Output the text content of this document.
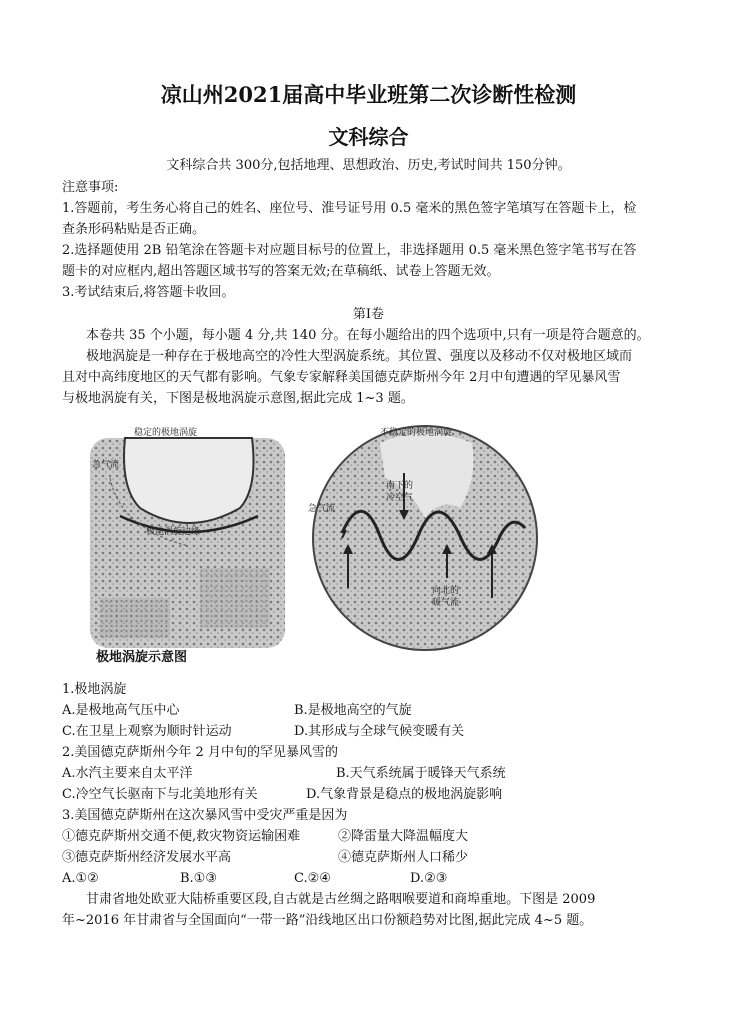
凉山州2021届高中毕业班第二次诊断性检测
文科综合
文科综合共 300分,包括地理、思想政治、历史,考试时间共 150分钟。
注意事项:
1.答题前，考生务心将自己的姓名、座位号、淮号证号用 0.5 毫米的黑色签字笔填写在答题卡上，检
查条形码粘贴是否正确。
2.选择题使用 2B 铅笔涂在答题卡对应题目标号的位置上，非选择题用 0.5 毫米黑色签字笔书写在答
题卡的对应框内,超出答题区域书写的答案无效;在草稿纸、试卷上答题无效。
3.考试结束后,将答题卡收回。
第Ⅰ卷
本卷共 35 个小题，每小题 4 分,共 140 分。在每小题给出的四个选项中,只有一项是符合题意的。
极地涡旋是一种存在于极地高空的冷性大型涡旋系统。其位置、强度以及移动不仅对极地区域而
且对中高纬度地区的天气都有影响。气象专家解释美国德克萨斯州今年 2月中旬遭遇的罕见暴风雪
与极地涡旋有关，下图是极地涡旋示意图,据此完成 1~3 题。
稳定的极地涡旋
急气流
极地涡旋边缘
不稳定的极地涡旋
南下的
冷空气
急气流
向北的
暖气流
极地涡旋示意图
1.极地涡旋
A.是极地高气压中心	B.是极地高空的气旋
C.在卫星上观察为顺时针运动	D.其形成与全球气候变暖有关
2.美国德克萨斯州今年 2 月中旬的罕见暴风雪的
A.水汽主要来自太平洋	B.天气系统属于暖锋天气系统
C.冷空气长驱南下与北美地形有关	D.气象背景是稳点的极地涡旋影响
3.美国德克萨斯州在这次暴风雪中受灾严重是因为
①德克萨斯州交通不便,救灾物资运输困难	②降雷量大降温幅度大
③德克萨斯州经济发展水平高	④德克萨斯州人口稀少
A.①②	B.①③	C.②④	D.②③
甘肃省地处欧亚大陆桥重要区段,自古就是古丝绸之路咽喉要道和商埠重地。下图是 2009
年~2016 年甘肃省与全国面向“一带一路”沿线地区出口份额趋势对比图,据此完成 4~5 题。
